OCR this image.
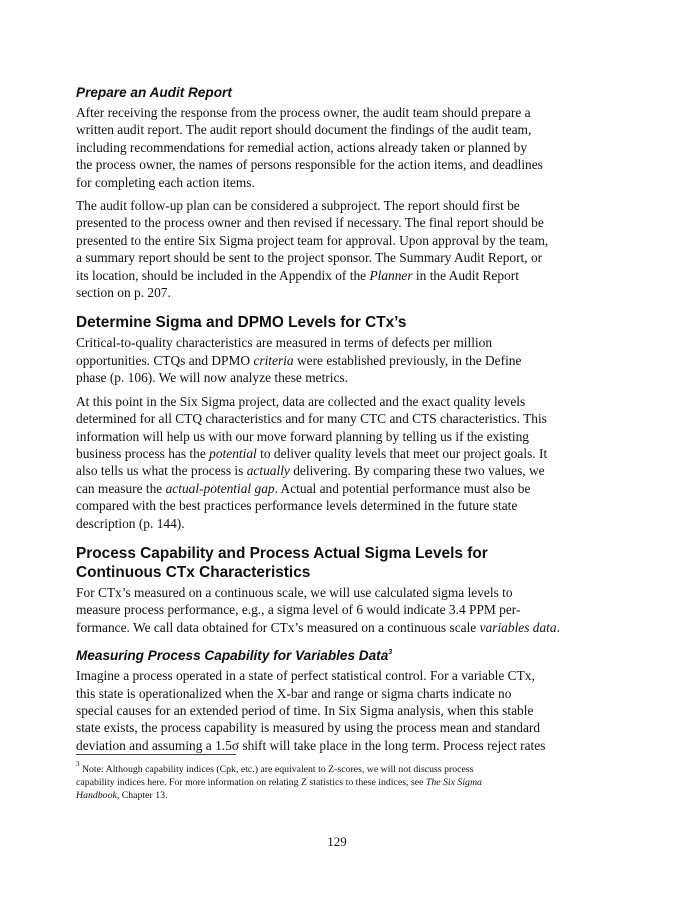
Prepare an Audit Report

After receiving the response from the process owner, the audit team should prepare a
written audit report. The audit report should document the findings of the audit team,
including recommendations for remedial action, actions already taken or planned by
the process owner, the names of persons responsible for the action items, and deadlines
for completing each action items.

The audit follow-up plan can be considered a subproject. The report should first be
presented to the process owner and then revised if necessary. The final report should be
presented to the entire Six Sigma project team for approval. Upon approval by the team,
a summary report should be sent to the project sponsor. The Summary Audit Report, or
its location, should be included in the Appendix of the Planner in the Audit Report
section on p. 207.

Determine Sigma and DPMO Levels for CTx’s

Critical-to-quality characteristics are measured in terms of defects per million
opportunities. CTQs and DPMO criteria were established previously, in the Define
phase (p. 106). We will now analyze these metrics.

At this point in the Six Sigma project, data are collected and the exact quality levels
determined for all CTQ characteristics and for many CTC and CTS characteristics. This
information will help us with our move forward planning by telling us if the existing
business process has the potential to deliver quality levels that meet our project goals. It
also tells us what the process is actually delivering. By comparing these two values, we
can measure the actual-potential gap. Actual and potential performance must also be
compared with the best practices performance levels determined in the future state
description (p. 144).

Process Capability and Process Actual Sigma Levels for
Continuous CTx Characteristics

For CTx’s measured on a continuous scale, we will use calculated sigma levels to
measure process performance, e.g., a sigma level of 6 would indicate 3.4 PPM per-
formance. We call data obtained for CTx’s measured on a continuous scale variables data.

Measuring Process Capability for Variables Data$^3$

Imagine a process operated in a state of perfect statistical control. For a variable CTx,
this state is operationalized when the X-bar and range or sigma charts indicate no
special causes for an extended period of time. In Six Sigma analysis, when this stable
state exists, the process capability is measured by using the process mean and standard
deviation and assuming a 1.5σ shift will take place in the long term. Process reject rates

$^3$ Note: Although capability indices (Cpk, etc.) are equivalent to Z-scores, we will not discuss process
capability indices here. For more information on relating Z statistics to these indices, see The Six Sigma
Handbook, Chapter 13.
129
